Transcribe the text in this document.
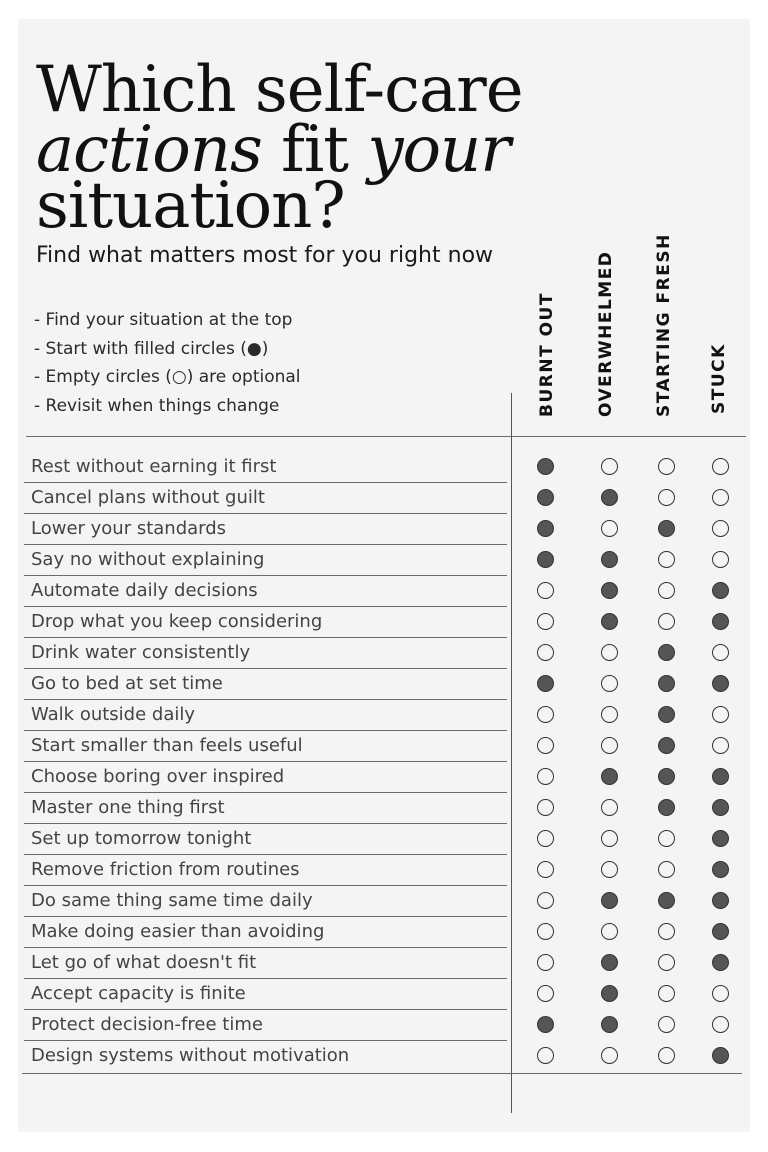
Which self-care
actions fit your
situation?
Find what matters most for you right now
- Find your situation at the top
- Start with filled circles (●)
- Empty circles (○) are optional
- Revisit when things change	BURNT OUT OVERWHELMED STARTING FRESH STUCK
Rest without earning it first
Cancel plans without guilt
Lower your standards
Say no without explaining
Automate daily decisions
Drop what you keep considering
Drink water consistently
Go to bed at set time
Walk outside daily
Start smaller than feels useful
Choose boring over inspired
Master one thing first
Set up tomorrow tonight
Remove friction from routines
Do same thing same time daily
Make doing easier than avoiding
Let go of what doesn't fit
Accept capacity is finite
Protect decision-free time
Design systems without motivation
